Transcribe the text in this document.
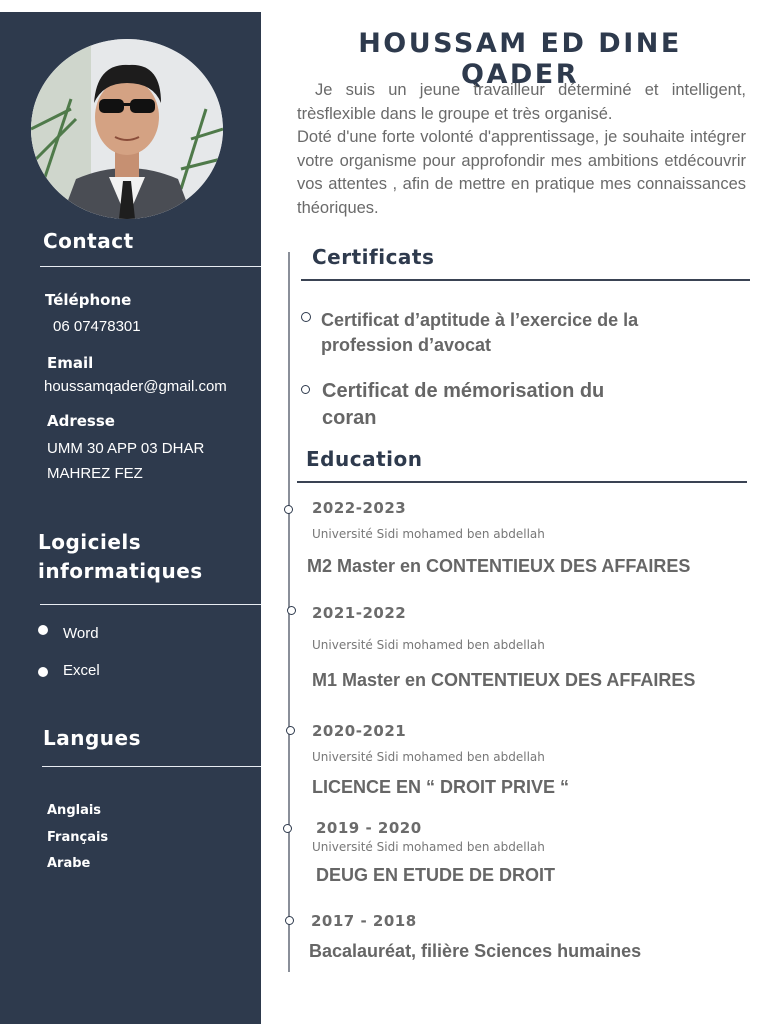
Contact
Téléphone
06 07478301
Email
houssamqader@gmail.com
Adresse
UMM 30 APP 03 DHAR
MAHREZ FEZ
Logiciels
informatiques
Word
Excel
Langues
Anglais
Français
Arabe
HOUSSAM ED DINE QADER

Je suis un jeune travailleur déterminé et intelligent, trèsflexible dans le groupe et très organisé.

Doté d'une forte volonté d'apprentissage, je souhaite intégrer votre organisme pour approfondir mes ambitions etdécouvrir vos attentes , afin de mettre en pratique mes connaissances théoriques.

Certificats
Certificat d’aptitude à l’exercice de la
profession d’avocat
Certificat de mémorisation du
coran
Education
2022-2023
Université Sidi mohamed ben abdellah
M2 Master en CONTENTIEUX DES AFFAIRES
2021-2022
Université Sidi mohamed ben abdellah
M1 Master en CONTENTIEUX DES AFFAIRES
2020-2021
Université Sidi mohamed ben abdellah
LICENCE EN “ DROIT PRIVE “
2019 - 2020
Université Sidi mohamed ben abdellah
DEUG EN ETUDE DE DROIT
2017 - 2018
Bacalauréat, filière Sciences humaines
